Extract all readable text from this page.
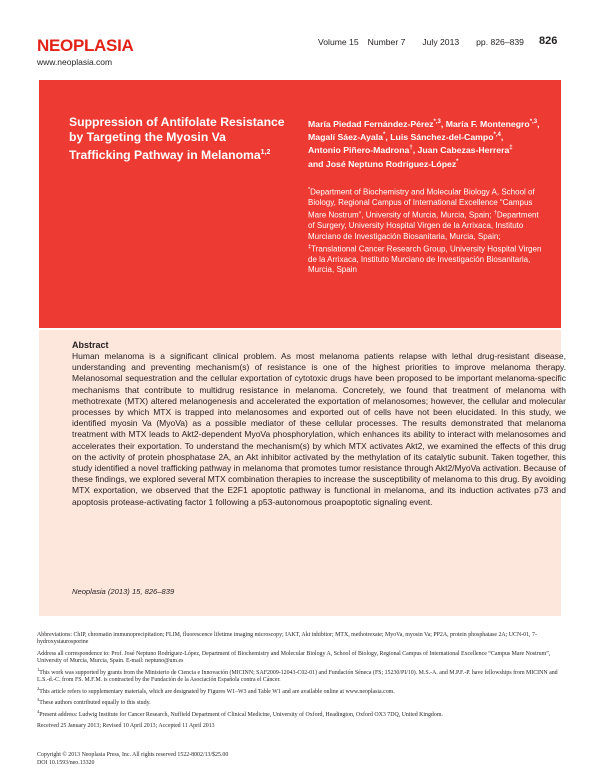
NEOPLASIA
www.neoplasia.com
Volume 15 Number 7 July 2013 pp. 826–839 826
Suppression of Antifolate Resistance by Targeting the Myosin Va Trafficking Pathway in Melanoma$^{1,2}$
María Piedad Fernández-Pérez$^{*,3}$, María F. Montenegro$^{*,3}$,
Magalí Sáez-Ayala*, Luis Sánchez-del-Campo$^{*,4}$,
Antonio Piñero-Madrona†, Juan Cabezas-Herrera‡
and José Neptuno Rodríguez-López*
*Department of Biochemistry and Molecular Biology A, School of Biology, Regional Campus of International Excellence “Campus Mare Nostrum”, University of Murcia, Murcia, Spain; †Department of Surgery, University Hospital Virgen de la Arrixaca, Instituto Murciano de Investigación Biosanitaria, Murcia, Spain; ‡Translational Cancer Research Group, University Hospital Virgen de la Arrixaca, Instituto Murciano de Investigación Biosanitaria, Murcia, Spain
Abstract
Human melanoma is a significant clinical problem. As most melanoma patients relapse with lethal drug-resistant disease, understanding and preventing mechanism(s) of resistance is one of the highest priorities to improve melanoma therapy. Melanosomal sequestration and the cellular exportation of cytotoxic drugs have been proposed to be important melanoma-specific mechanisms that contribute to multidrug resistance in melanoma. Concretely, we found that treatment of melanoma with methotrexate (MTX) altered melanogenesis and accelerated the exportation of melanosomes; however, the cellular and molecular processes by which MTX is trapped into melanosomes and exported out of cells have not been elucidated. In this study, we identified myosin Va (MyoVa) as a possible mediator of these cellular processes. The results demonstrated that melanoma treatment with MTX leads to Akt2-dependent MyoVa phosphorylation, which enhances its ability to interact with melanosomes and accelerates their exportation. To understand the mechanism(s) by which MTX activates Akt2, we examined the effects of this drug on the activity of protein phosphatase 2A, an Akt inhibitor activated by the methylation of its catalytic subunit. Taken together, this study identified a novel trafficking pathway in melanoma that promotes tumor resistance through Akt2/MyoVa activation. Because of these findings, we explored several MTX combination therapies to increase the susceptibility of melanoma to this drug. By avoiding MTX exportation, we observed that the E2F1 apoptotic pathway is functional in melanoma, and its induction activates p73 and apoptosis protease-activating factor 1 following a p53-autonomous proapoptotic signaling event.
Neoplasia (2013) 15, 826–839

Abbreviations: ChIP, chromatin immunoprecipitation; FLIM, fluorescence lifetime imaging microscopy; IAKT, Akt inhibitor; MTX, methotrexate; MyoVa, myosin Va; PP2A, protein phosphatase 2A; UCN-01, 7-hydroxystaurosporine

Address all correspondence to: Prof. José Neptuno Rodríguez-López, Department of Biochemistry and Molecular Biology A, School of Biology, Regional Campus of International Excellence “Campus Mare Nostrum”, University of Murcia, Murcia, Spain. E-mail: neptuno@um.es

$^1$This work was supported by grants from the Ministerio de Ciencia e Innovación (MICINN; SAF2009-12043-C02-01) and Fundación Séneca (FS; 15230/PI/10). M.S.-A. and M.P.F.-P. have fellowships from MICINN and L.S.-d.-C. from FS. M.F.M. is contracted by the Fundación de la Asociación Española contra el Cáncer.

$^2$This article refers to supplementary materials, which are designated by Figures W1–W3 and Table W1 and are available online at www.neoplasia.com.

$^3$These authors contributed equally to this study.

$^4$Present address: Ludwig Institute for Cancer Research, Nuffield Department of Clinical Medicine, University of Oxford, Headington, Oxford OX3 7DQ, United Kingdom.

Received 25 January 2013; Revised 10 April 2013; Accepted 11 April 2013

Copyright © 2013 Neoplasia Press, Inc. All rights reserved 1522-8002/13/$25.00
DOI 10.1593/neo.13320
